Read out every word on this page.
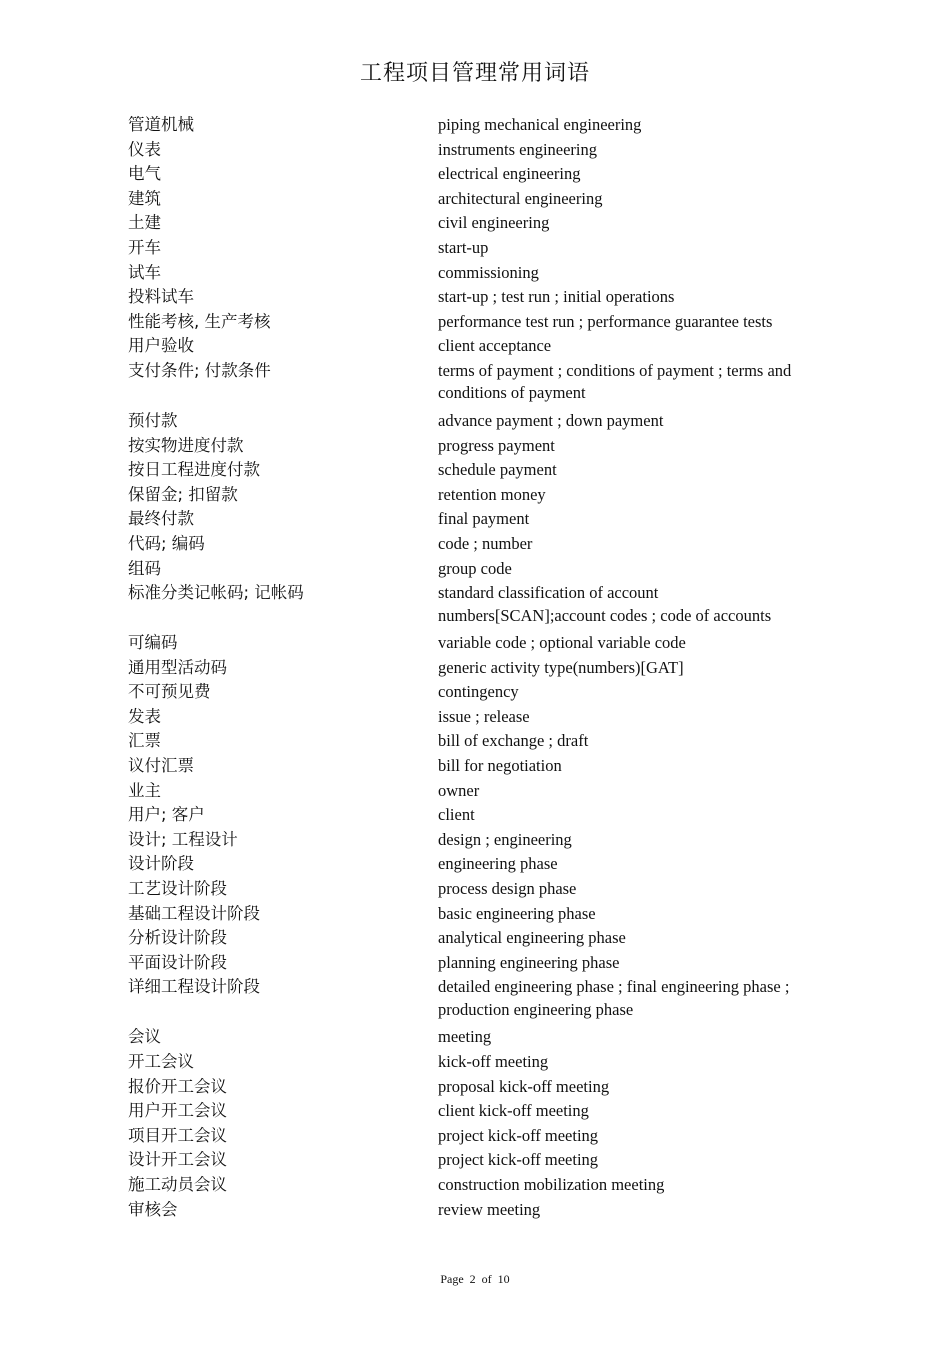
工程项目管理常用词语
管道机械	piping mechanical engineering
仪表	instruments engineering
电气	electrical engineering
建筑	architectural engineering
土建	civil engineering
开车	start-up
试车	commissioning
投料试车	start-up ; test run ; initial operations
性能考核, 生产考核	performance test run ; performance guarantee tests
用户验收	client acceptance
支付条件; 付款条件	terms of payment ; conditions of payment ; terms and conditions of payment
预付款	advance payment ; down payment
按实物进度付款	progress payment
按日工程进度付款	schedule payment
保留金; 扣留款	retention money
最终付款	final payment
代码; 编码	code ; number
组码	group code
标准分类记帐码; 记帐码	standard classification of account numbers[SCAN];account codes ; code of accounts
可编码	variable code ; optional variable code
通用型活动码	generic activity type(numbers)[GAT]
不可预见费	contingency
发表	issue ; release
汇票	bill of exchange ; draft
议付汇票	bill for negotiation
业主	owner
用户; 客户	client
设计; 工程设计	design ; engineering
设计阶段	engineering phase
工艺设计阶段	process design phase
基础工程设计阶段	basic engineering phase
分析设计阶段	analytical engineering phase
平面设计阶段	planning engineering phase
详细工程设计阶段	detailed engineering phase ; final engineering phase ; production engineering phase
会议	meeting
开工会议	kick-off meeting
报价开工会议	proposal kick-off meeting
用户开工会议	client kick-off meeting
项目开工会议	project kick-off meeting
设计开工会议	project kick-off meeting
施工动员会议	construction mobilization meeting
审核会	review meeting
Page 2 of 10
